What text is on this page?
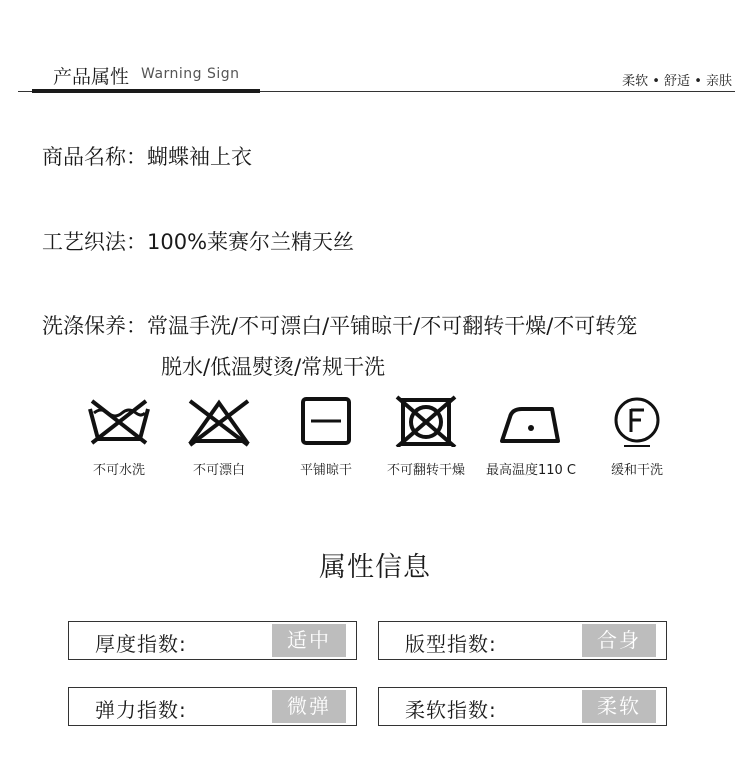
产品属性 Warning Sign	柔软 • 舒适 • 亲肤
商品名称：蝴蝶袖上衣
工艺织法：100%莱赛尔兰精天丝
洗涤保养：常温手洗/不可漂白/平铺晾干/不可翻转干燥/不可转笼
脱水/低温熨烫/常规干洗
不可水洗	不可漂白	平铺晾干	不可翻转干燥	最高温度110 C	缓和干洗
属性信息
厚度指数:	适中	版型指数:	合身
弹力指数:	微弹	柔软指数:	柔软
